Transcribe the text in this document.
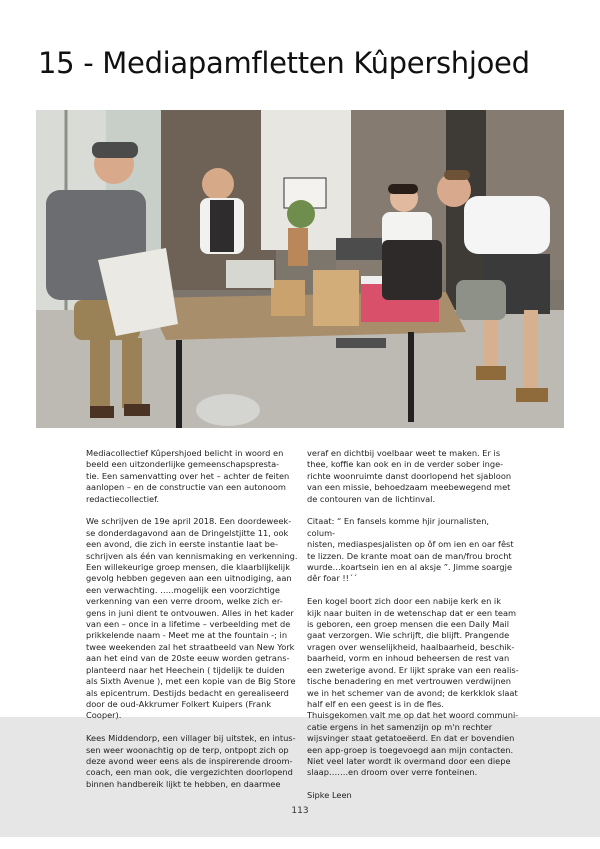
15 - Mediapamfletten Kûpershjoed

Mediacollectief Kûpershjoed belicht in woord en
beeld een uitzonderlijke gemeenschapspresta-
tie. Een samenvatting over het – achter de feiten
aanlopen – en de constructie van een autonoom
redactiecollectief.

We schrijven de 19e april 2018. Een doordeweek-
se donderdagavond aan de Dringelstjitte 11, ook
een avond, die zich in eerste instantie laat be-
schrijven als één van kennismaking en verkenning.
Een willekeurige groep mensen, die klaarblijkelijk
gevolg hebben gegeven aan een uitnodiging, aan
een verwachting. …..mogelijk een voorzichtige
verkenning van een verre droom, welke zich er-
gens in juni dient te ontvouwen. Alles in het kader
van een – once in a lifetime – verbeelding met de
prikkelende naam - Meet me at the fountain -; in
twee weekenden zal het straatbeeld van New York
aan het eind van de 20ste eeuw worden getrans-
planteerd naar het Heechein ( tijdelijk te duiden
als Sixth Avenue ), met een kopie van de Big Store
als epicentrum. Destijds bedacht en gerealiseerd
door de oud-Akkrumer Folkert Kuipers (Frank
Cooper).

Kees Middendorp, een villager bij uitstek, en intus-
sen weer woonachtig op de terp, ontpopt zich op
deze avond weer eens als de inspirerende droom-
coach, een man ook, die vergezichten doorlopend
binnen handbereik lijkt te hebben, en daarmee

veraf en dichtbij voelbaar weet te maken. Er is
thee, koffie kan ook en in de verder sober inge-
richte woonruimte danst doorlopend het sjabloon
van een missie, behoedzaam meebewegend met
de contouren van de lichtinval.

Citaat: “ En fansels komme hjir journalisten, colum-
nisten, mediaspesjalisten op ôf om ien en oar fêst
te lizzen. De krante moat oan de man/frou brocht
wurde…koartsein ien en al aksje ”. Jimme soargje
dêr foar !!´´

Een kogel boort zich door een nabije kerk en ik
kijk naar buiten in de wetenschap dat er een team
is geboren, een groep mensen die een Daily Mail
gaat verzorgen. Wie schrijft, die blijft. Prangende
vragen over wenselijkheid, haalbaarheid, beschik-
baarheid, vorm en inhoud beheersen de rest van
een zweterige avond. Er lijkt sprake van een realis-
tische benadering en met vertrouwen verdwijnen
we in het schemer van de avond; de kerkklok slaat
half elf en een geest is in de fles.
Thuisgekomen valt me op dat het woord communi-
catie ergens in het samenzijn op m'n rechter
wijsvinger staat getatoeëerd. En dat er bovendien
een app-groep is toegevoegd aan mijn contacten.
Niet veel later wordt ik overmand door een diepe
slaap…….en droom over verre fonteinen.

Sipke Leen

113
